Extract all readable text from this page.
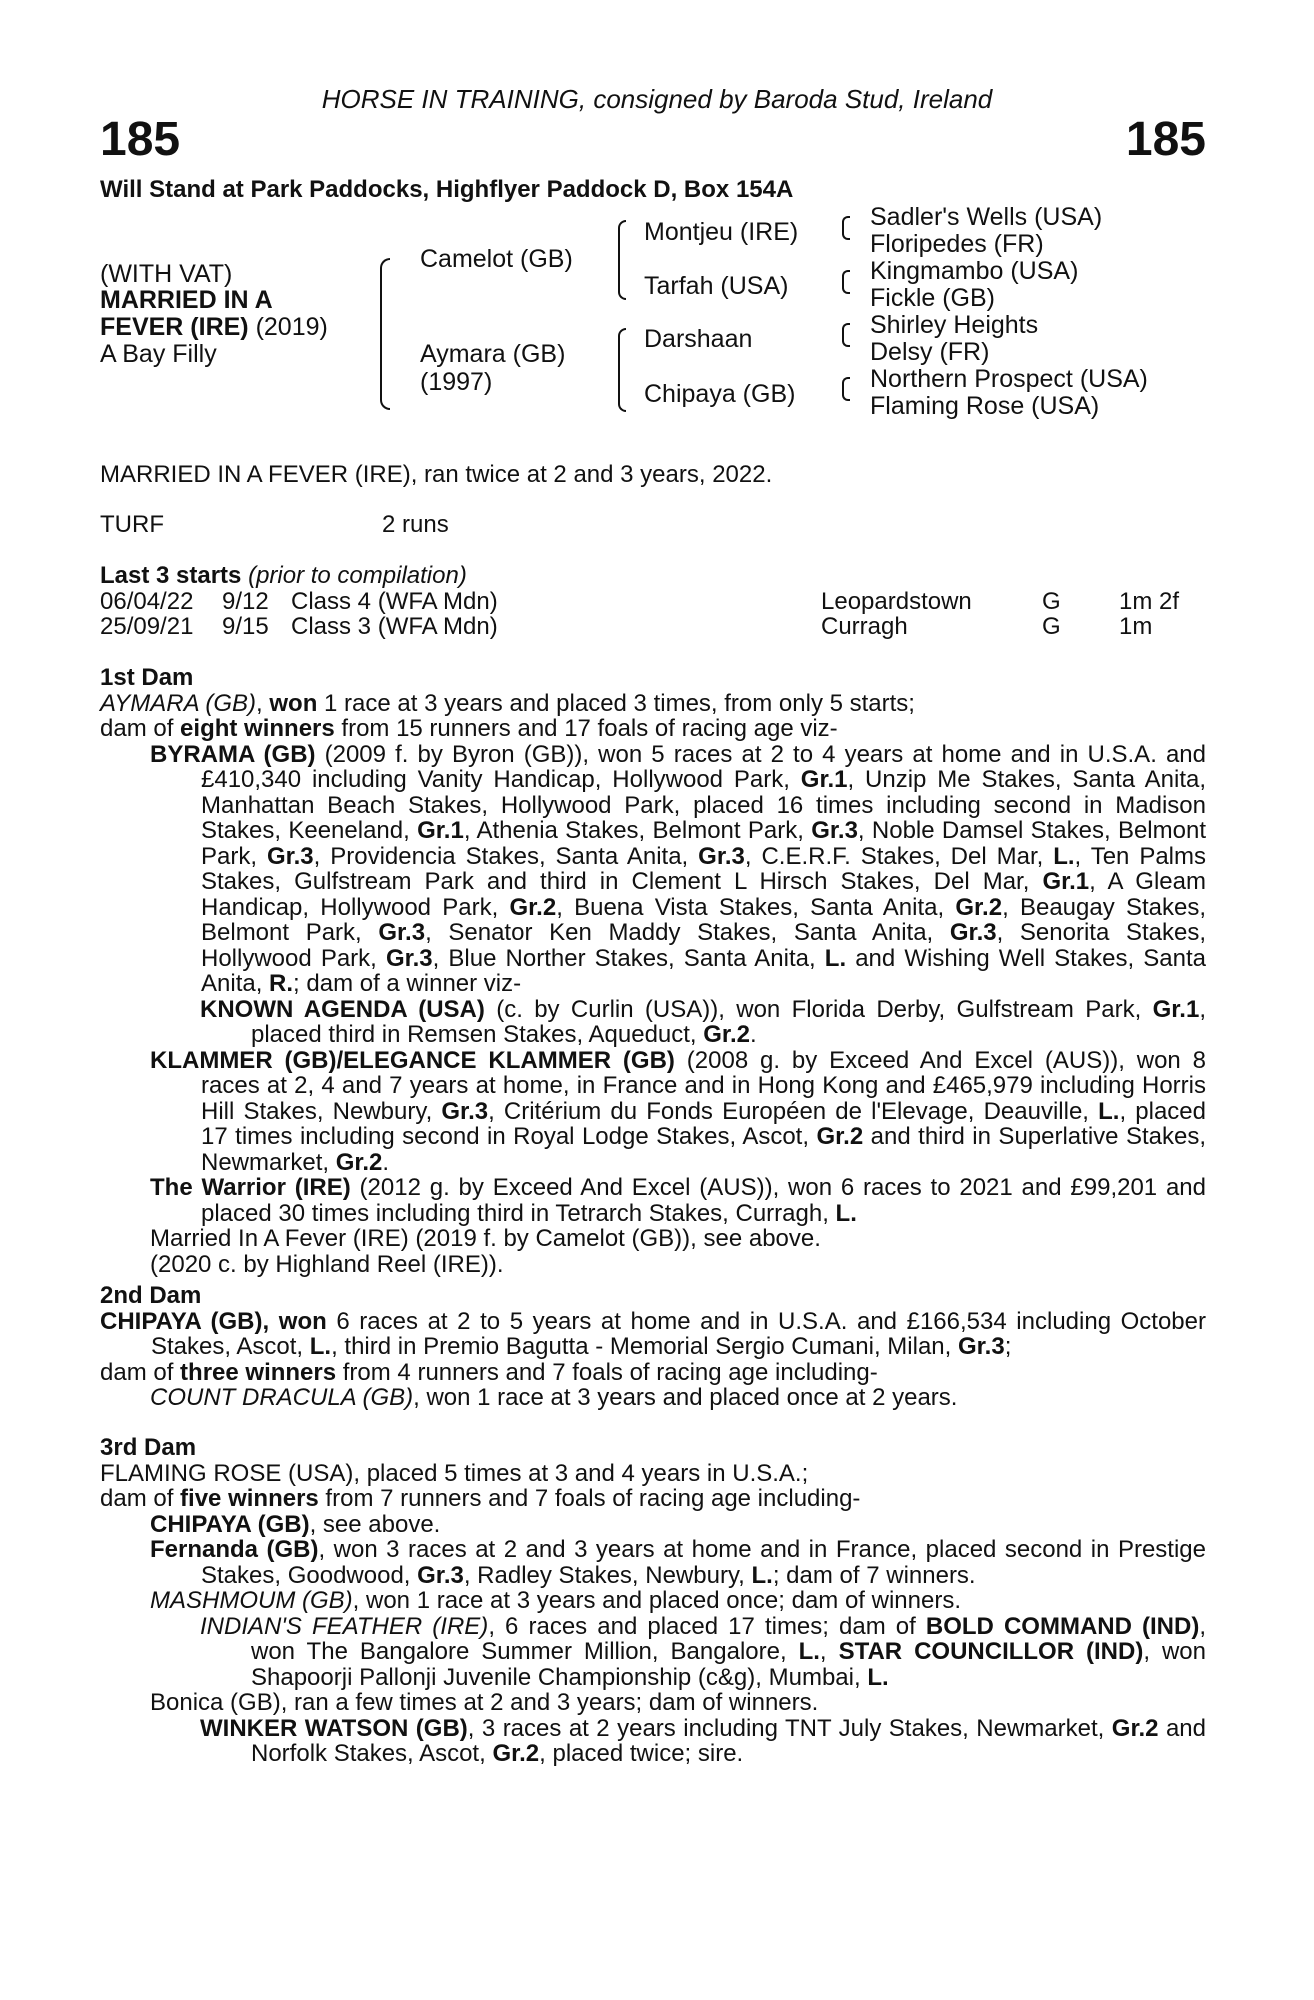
HORSE IN TRAINING, consigned by Baroda Stud, Ireland
185	185
Will Stand at Park Paddocks, Highflyer Paddock D, Box 154A
(WITH VAT)
MARRIED IN A
FEVER (IRE) (2019)
A Bay Filly
Camelot (GB)
Aymara (GB)
(1997)
Montjeu (IRE)
Tarfah (USA)
Darshaan
Chipaya (GB)
Sadler's Wells (USA)
Floripedes (FR)
Kingmambo (USA)
Fickle (GB)
Shirley Heights
Delsy (FR)
Northern Prospect (USA)
Flaming Rose (USA)
MARRIED IN A FEVER (IRE), ran twice at 2 and 3 years, 2022.
TURF	2 runs
Last 3 starts (prior to compilation)
06/04/22 9/12 Class 4 (WFA Mdn)	Leopardstown	G 1m 2f
25/09/21 9/15 Class 3 (WFA Mdn)	Curragh	G 1m
1st Dam
AYMARA (GB), won 1 race at 3 years and placed 3 times, from only 5 starts;
dam of eight winners from 15 runners and 17 foals of racing age viz-
BYRAMA (GB) (2009 f. by Byron (GB)), won 5 races at 2 to 4 years at home and in U.S.A. and £410,340 including Vanity Handicap, Hollywood Park, Gr.1, Unzip Me Stakes, Santa Anita, Manhattan Beach Stakes, Hollywood Park, placed 16 times including second in Madison Stakes, Keeneland, Gr.1, Athenia Stakes, Belmont Park, Gr.3, Noble Damsel Stakes, Belmont Park, Gr.3, Providencia Stakes, Santa Anita, Gr.3, C.E.R.F. Stakes, Del Mar, L., Ten Palms Stakes, Gulfstream Park and third in Clement L Hirsch Stakes, Del Mar, Gr.1, A Gleam Handicap, Hollywood Park, Gr.2, Buena Vista Stakes, Santa Anita, Gr.2, Beaugay Stakes, Belmont Park, Gr.3, Senator Ken Maddy Stakes, Santa Anita, Gr.3, Senorita Stakes, Hollywood Park, Gr.3, Blue Norther Stakes, Santa Anita, L. and Wishing Well Stakes, Santa Anita, R.; dam of a winner viz-
KNOWN AGENDA (USA) (c. by Curlin (USA)), won Florida Derby, Gulfstream Park, Gr.1, placed third in Remsen Stakes, Aqueduct, Gr.2.
KLAMMER (GB)/ELEGANCE KLAMMER (GB) (2008 g. by Exceed And Excel (AUS)), won 8 races at 2, 4 and 7 years at home, in France and in Hong Kong and £465,979 including Horris Hill Stakes, Newbury, Gr.3, Critérium du Fonds Européen de l'Elevage, Deauville, L., placed 17 times including second in Royal Lodge Stakes, Ascot, Gr.2 and third in Superlative Stakes, Newmarket, Gr.2.
The Warrior (IRE) (2012 g. by Exceed And Excel (AUS)), won 6 races to 2021 and £99,201 and placed 30 times including third in Tetrarch Stakes, Curragh, L.
Married In A Fever (IRE) (2019 f. by Camelot (GB)), see above.
(2020 c. by Highland Reel (IRE)).
2nd Dam
CHIPAYA (GB), won 6 races at 2 to 5 years at home and in U.S.A. and £166,534 including October Stakes, Ascot, L., third in Premio Bagutta - Memorial Sergio Cumani, Milan, Gr.3;
dam of three winners from 4 runners and 7 foals of racing age including-
COUNT DRACULA (GB), won 1 race at 3 years and placed once at 2 years.
3rd Dam
FLAMING ROSE (USA), placed 5 times at 3 and 4 years in U.S.A.;
dam of five winners from 7 runners and 7 foals of racing age including-
CHIPAYA (GB), see above.
Fernanda (GB), won 3 races at 2 and 3 years at home and in France, placed second in Prestige Stakes, Goodwood, Gr.3, Radley Stakes, Newbury, L.; dam of 7 winners.
MASHMOUM (GB), won 1 race at 3 years and placed once; dam of winners.
INDIAN'S FEATHER (IRE), 6 races and placed 17 times; dam of BOLD COMMAND (IND), won The Bangalore Summer Million, Bangalore, L., STAR COUNCILLOR (IND), won Shapoorji Pallonji Juvenile Championship (c&g), Mumbai, L.
Bonica (GB), ran a few times at 2 and 3 years; dam of winners.
WINKER WATSON (GB), 3 races at 2 years including TNT July Stakes, Newmarket, Gr.2 and Norfolk Stakes, Ascot, Gr.2, placed twice; sire.
